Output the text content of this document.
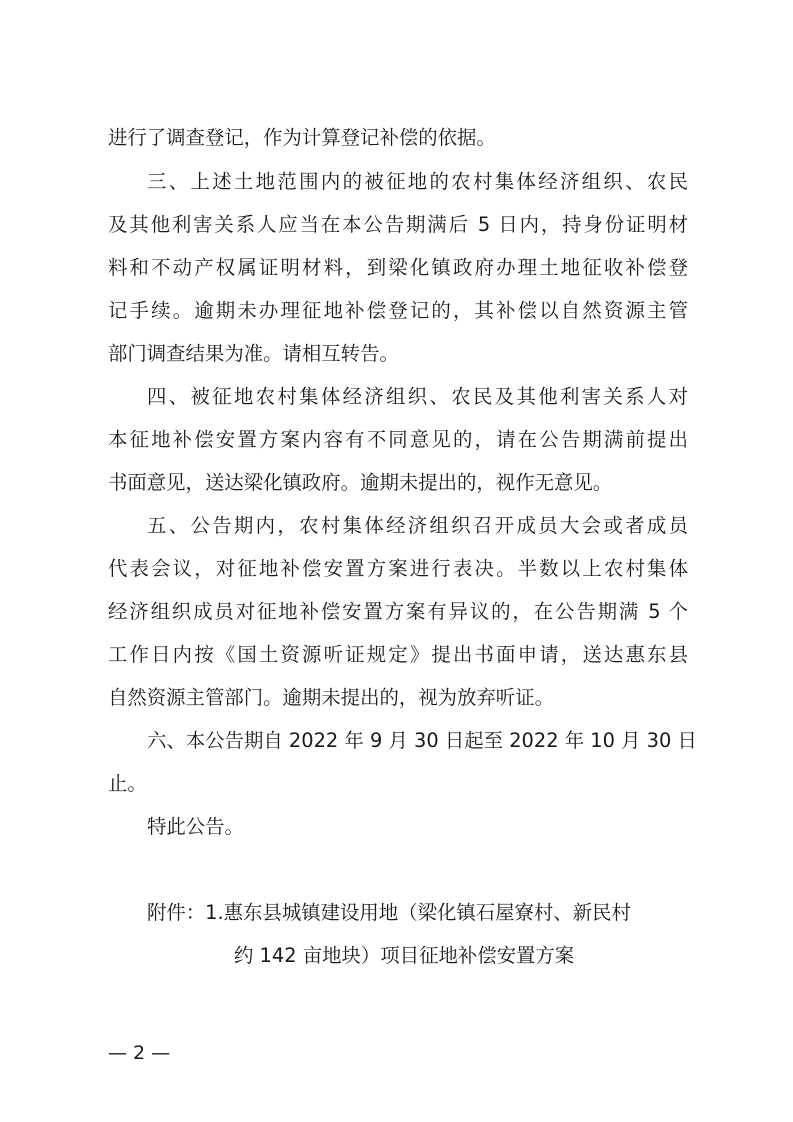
进行了调查登记，作为计算登记补偿的依据。
三、上述土地范围内的被征地的农村集体经济组织、农民
及其他利害关系人应当在本公告期满后 5 日内，持身份证明材
料和不动产权属证明材料，到梁化镇政府办理土地征收补偿登
记手续。逾期未办理征地补偿登记的，其补偿以自然资源主管
部门调查结果为准。请相互转告。
四、被征地农村集体经济组织、农民及其他利害关系人对
本征地补偿安置方案内容有不同意见的，请在公告期满前提出
书面意见，送达梁化镇政府。逾期未提出的，视作无意见。
五、公告期内，农村集体经济组织召开成员大会或者成员
代表会议，对征地补偿安置方案进行表决。半数以上农村集体
经济组织成员对征地补偿安置方案有异议的，在公告期满 5 个
工作日内按《国土资源听证规定》提出书面申请，送达惠东县
自然资源主管部门。逾期未提出的，视为放弃听证。
六、本公告期自 2022 年 9 月 30 日起至 2022 年 10 月 30 日
止。
特此公告。
附件：1.惠东县城镇建设用地（梁化镇石屋寮村、新民村
约 142 亩地块）项目征地补偿安置方案
— 2 —
